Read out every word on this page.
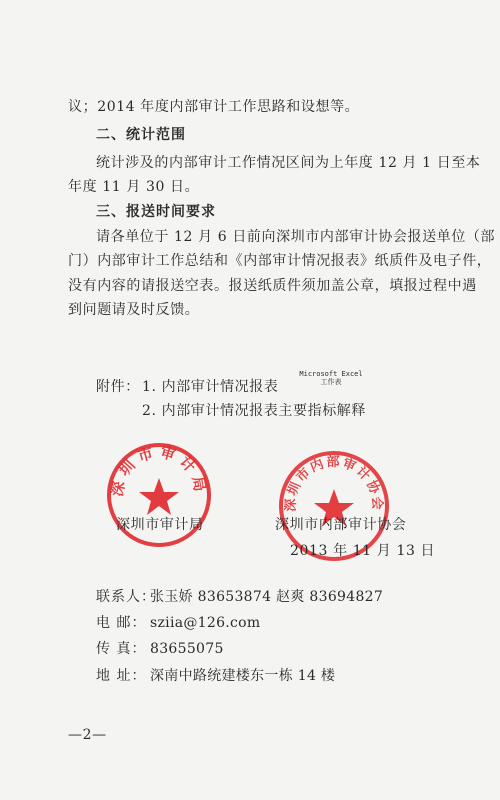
议；2014 年度内部审计工作思路和设想等。
二、统计范围
统计涉及的内部审计工作情况区间为上年度 12 月 1 日至本
年度 11 月 30 日。
三、报送时间要求
请各单位于 12 月 6 日前向深圳市内部审计协会报送单位（部
门）内部审计工作总结和《内部审计情况报表》纸质件及电子件，
没有内容的请报送空表。报送纸质件须加盖公章，填报过程中遇
到问题请及时反馈。
附件： 1. 内部审计情况报表
Microsoft Excel
工作表
2. 内部审计情况报表主要指标解释
深圳市审计局
深圳市内部审计协会
深圳市审计局	深圳市内部审计协会
2013 年 11 月 13 日
联系人：
张玉娇 83653874 赵爽 83694827
电 邮： sziia@126.com
传 真： 83655075
地 址： 深南中路统建楼东一栋 14 楼
—2—
